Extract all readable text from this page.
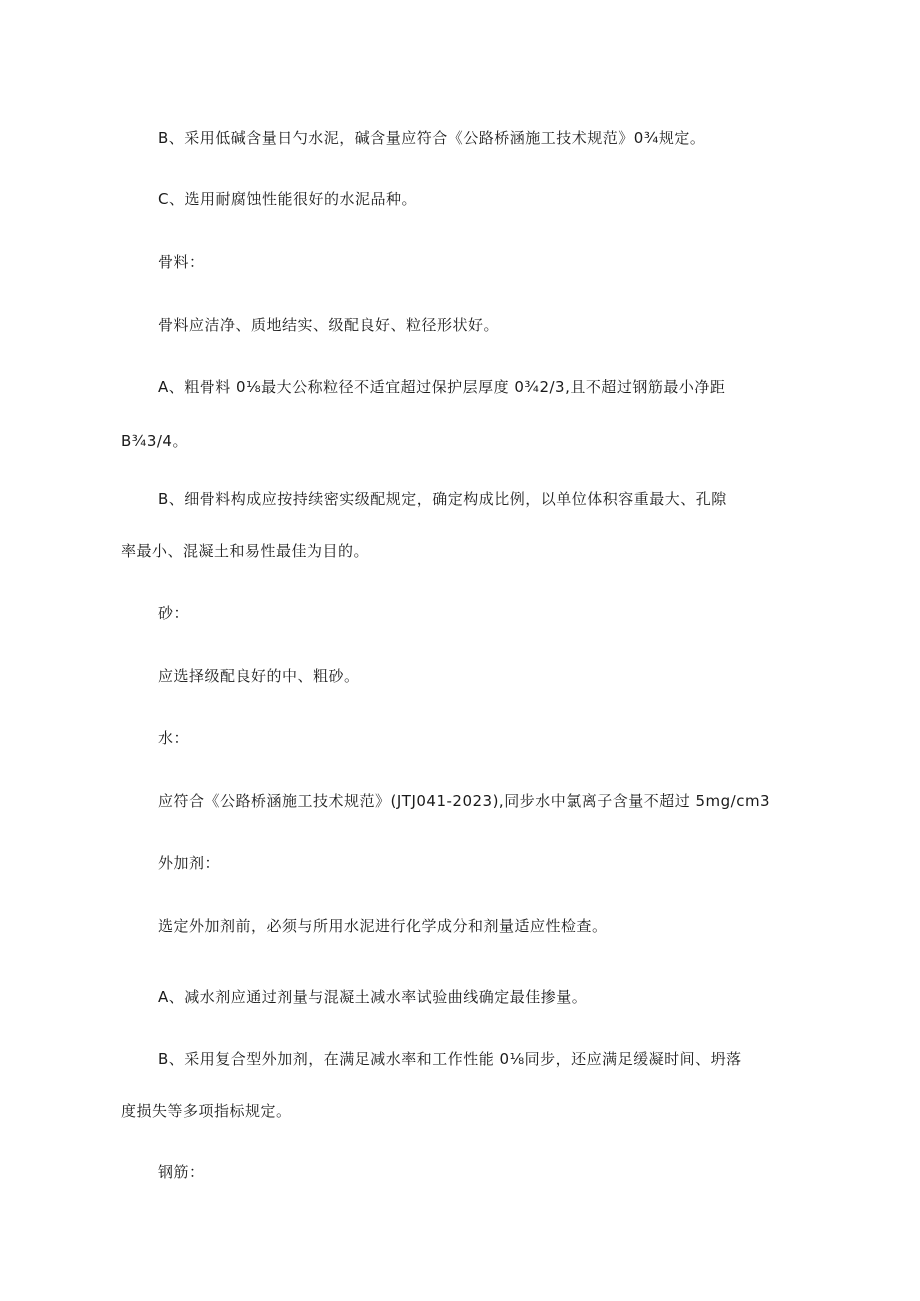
B、采用低碱含量日勺水泥，碱含量应符合《公路桥涵施工技术规范》0¾规定。
C、选用耐腐蚀性能很好的水泥品种。
骨料：
骨料应洁净、质地结实、级配良好、粒径形状好。
A、粗骨料 0⅛最大公称粒径不适宜超过保护层厚度 0¾2/3,且不超过钢筋最小净距
B¾3/4。
B、细骨料构成应按持续密实级配规定，确定构成比例，以单位体积容重最大、孔隙
率最小、混凝土和易性最佳为目的。
砂：
应选择级配良好的中、粗砂。
水：
应符合《公路桥涵施工技术规范》(JTJ041-2023),同步水中氯离子含量不超过 5mg∕cm3
外加剂：
选定外加剂前，必须与所用水泥进行化学成分和剂量适应性检查。
A、减水剂应通过剂量与混凝土减水率试验曲线确定最佳掺量。
B、采用复合型外加剂，在满足减水率和工作性能 0⅛同步，还应满足缓凝时间、坍落
度损失等多项指标规定。
钢筋：
